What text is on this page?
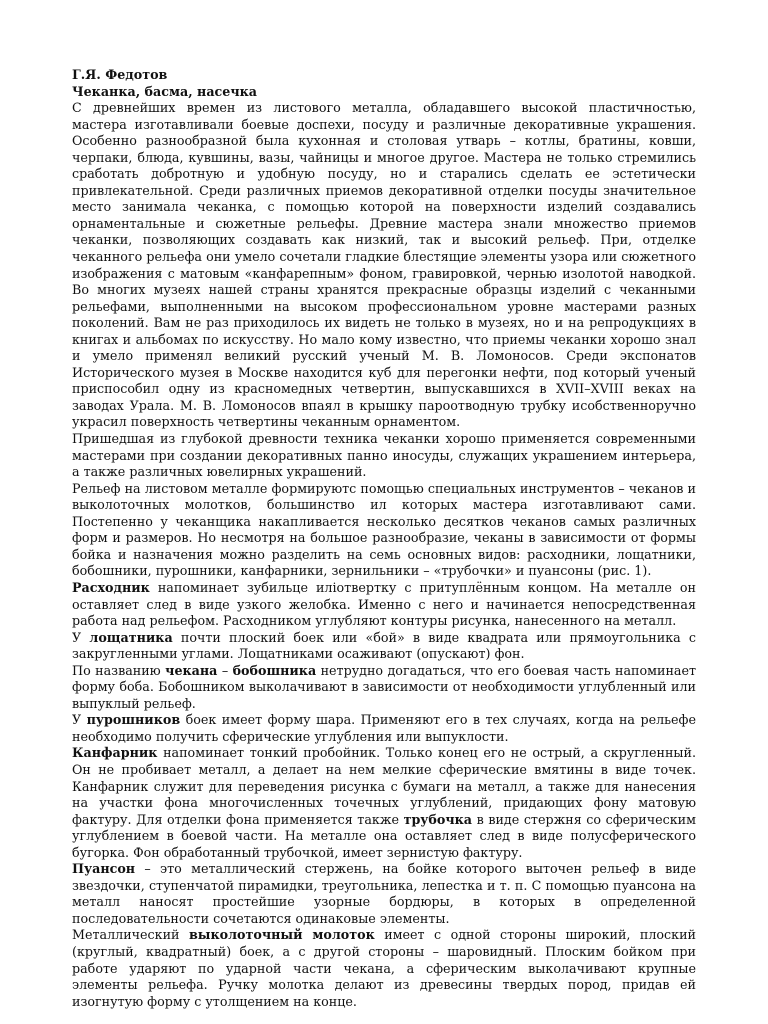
Г.Я. Федотов

Чеканка, басма, насечка

С древнейших времен из листового металла, обладавшего высокой пластичностью, мастера изготавливали боевые доспехи, посуду и различные декоративные украшения. Особенно разнообразной была кухонная и столовая утварь – котлы, братины, ковши, черпаки, блюда, кувшины, вазы, чайницы и многое другое. Мастера не только стремились сработать добротную и удобную посуду, но и старались сделать ее эстетически привлекательной. Среди различных приемов декоративной отделки посуды значительное место занимала чеканка, с помощью которой на поверхности изделий создавались орнаментальные и сюжетные рельефы. Древние мастера знали множество приемов чеканки, позволяющих создавать как низкий, так и высокий рельеф. При, отделке чеканного рельефа они умело сочетали гладкие блестящие элементы узора или сюжетного изображения с матовым «канфарепным» фоном, гравировкой, чернью изолотой наводкой. Во многих музеях нашей страны хранятся прекрасные образцы изделий с чеканными рельефами, выполненными на высоком профессиональном уровне мастерами разных поколений. Вам не раз приходилось их видеть не только в музеях, но и на репродукциях в книгах и альбомах по искусству. Но мало кому известно, что приемы чеканки хорошо знал и умело применял великий русский ученый М. В. Ломоносов. Среди экспонатов Исторического музея в Москве находится куб для перегонки нефти, под который ученый приспособил одну из красномедных четвертин, выпускавшихся в XVII–XVIII веках на заводах Урала. М. В. Ломоносов впаял в крышку пароотводную трубку исобственноручно украсил поверхность четвертины чеканным орнаментом.

Пришедшая из глубокой древности техника чеканки хорошо применяется современными мастерами при создании декоративных панно иносуды, служащих украшением интерьера, а также различных ювелирных украшений.

Рельеф на листовом металле формируютс помощью специальных инструментов – чеканов и выколоточных молотков, большинство ил которых мастера изготавливают сами. Постепенно у чеканщика накапливается несколько десятков чеканов самых различных форм и размеров. Но несмотря на большое разнообразие, чеканы в зависимости от формы бойка и назначения можно разделить на семь основных видов: расходники, лощатники, бобошники, пурошники, канфарники, зернильники – «трубочки» и пуансоны (рис. 1).

Расходник напоминает зубильце иліотвертку с притуплённым концом. На металле он оставляет след в виде узкого желобка. Именно с него и начинается непосредственная работа над рельефом. Расходником углубляют контуры рисунка, нанесенного на металл.

У лощатника почти плоский боек или «бой» в виде квадрата или прямоугольника с закругленными углами. Лощатниками осаживают (опускают) фон.

По названию чекана – бобошника нетрудно догадаться, что его боевая часть напоминает форму боба. Бобошником выколачивают в зависимости от необходимости углубленный или выпуклый рельеф.

У пурошников боек имеет форму шара. Применяют его в тех случаях, когда на рельефе необходимо получить сферические углубления или выпуклости.

Канфарник напоминает тонкий пробойник. Только конец его не острый, а скругленный. Он не пробивает металл, а делает на нем мелкие сферические вмятины в виде точек. Канфарник служит для переведения рисунка с бумаги на металл, а также для нанесения на участки фона многочисленных точечных углублений, придающих фону матовую фактуру. Для отделки фона применяется также трубочка в виде стержня со сферическим углублением в боевой части. На металле она оставляет след в виде полусферического бугорка. Фон обработанный трубочкой, имеет зернистую фактуру.

Пуансон – это металлический стержень, на бойке которого выточен рельеф в виде звездочки, ступенчатой пирамидки, треугольника, лепестка и т. п. С помощью пуансона на металл наносят простейшие узорные бордюры, в которых в определенной последовательности сочетаются одинаковые элементы.

Металлический выколоточный молоток имеет с одной стороны широкий, плоский (круглый, квадратный) боек, а с другой стороны – шаровидный. Плоским бойком при работе ударяют по ударной части чекана, а сферическим выколачивают крупные элементы рельефа. Ручку молотка делают из древесины твердых пород, придав ей изогнутую форму с утолщением на конце.
